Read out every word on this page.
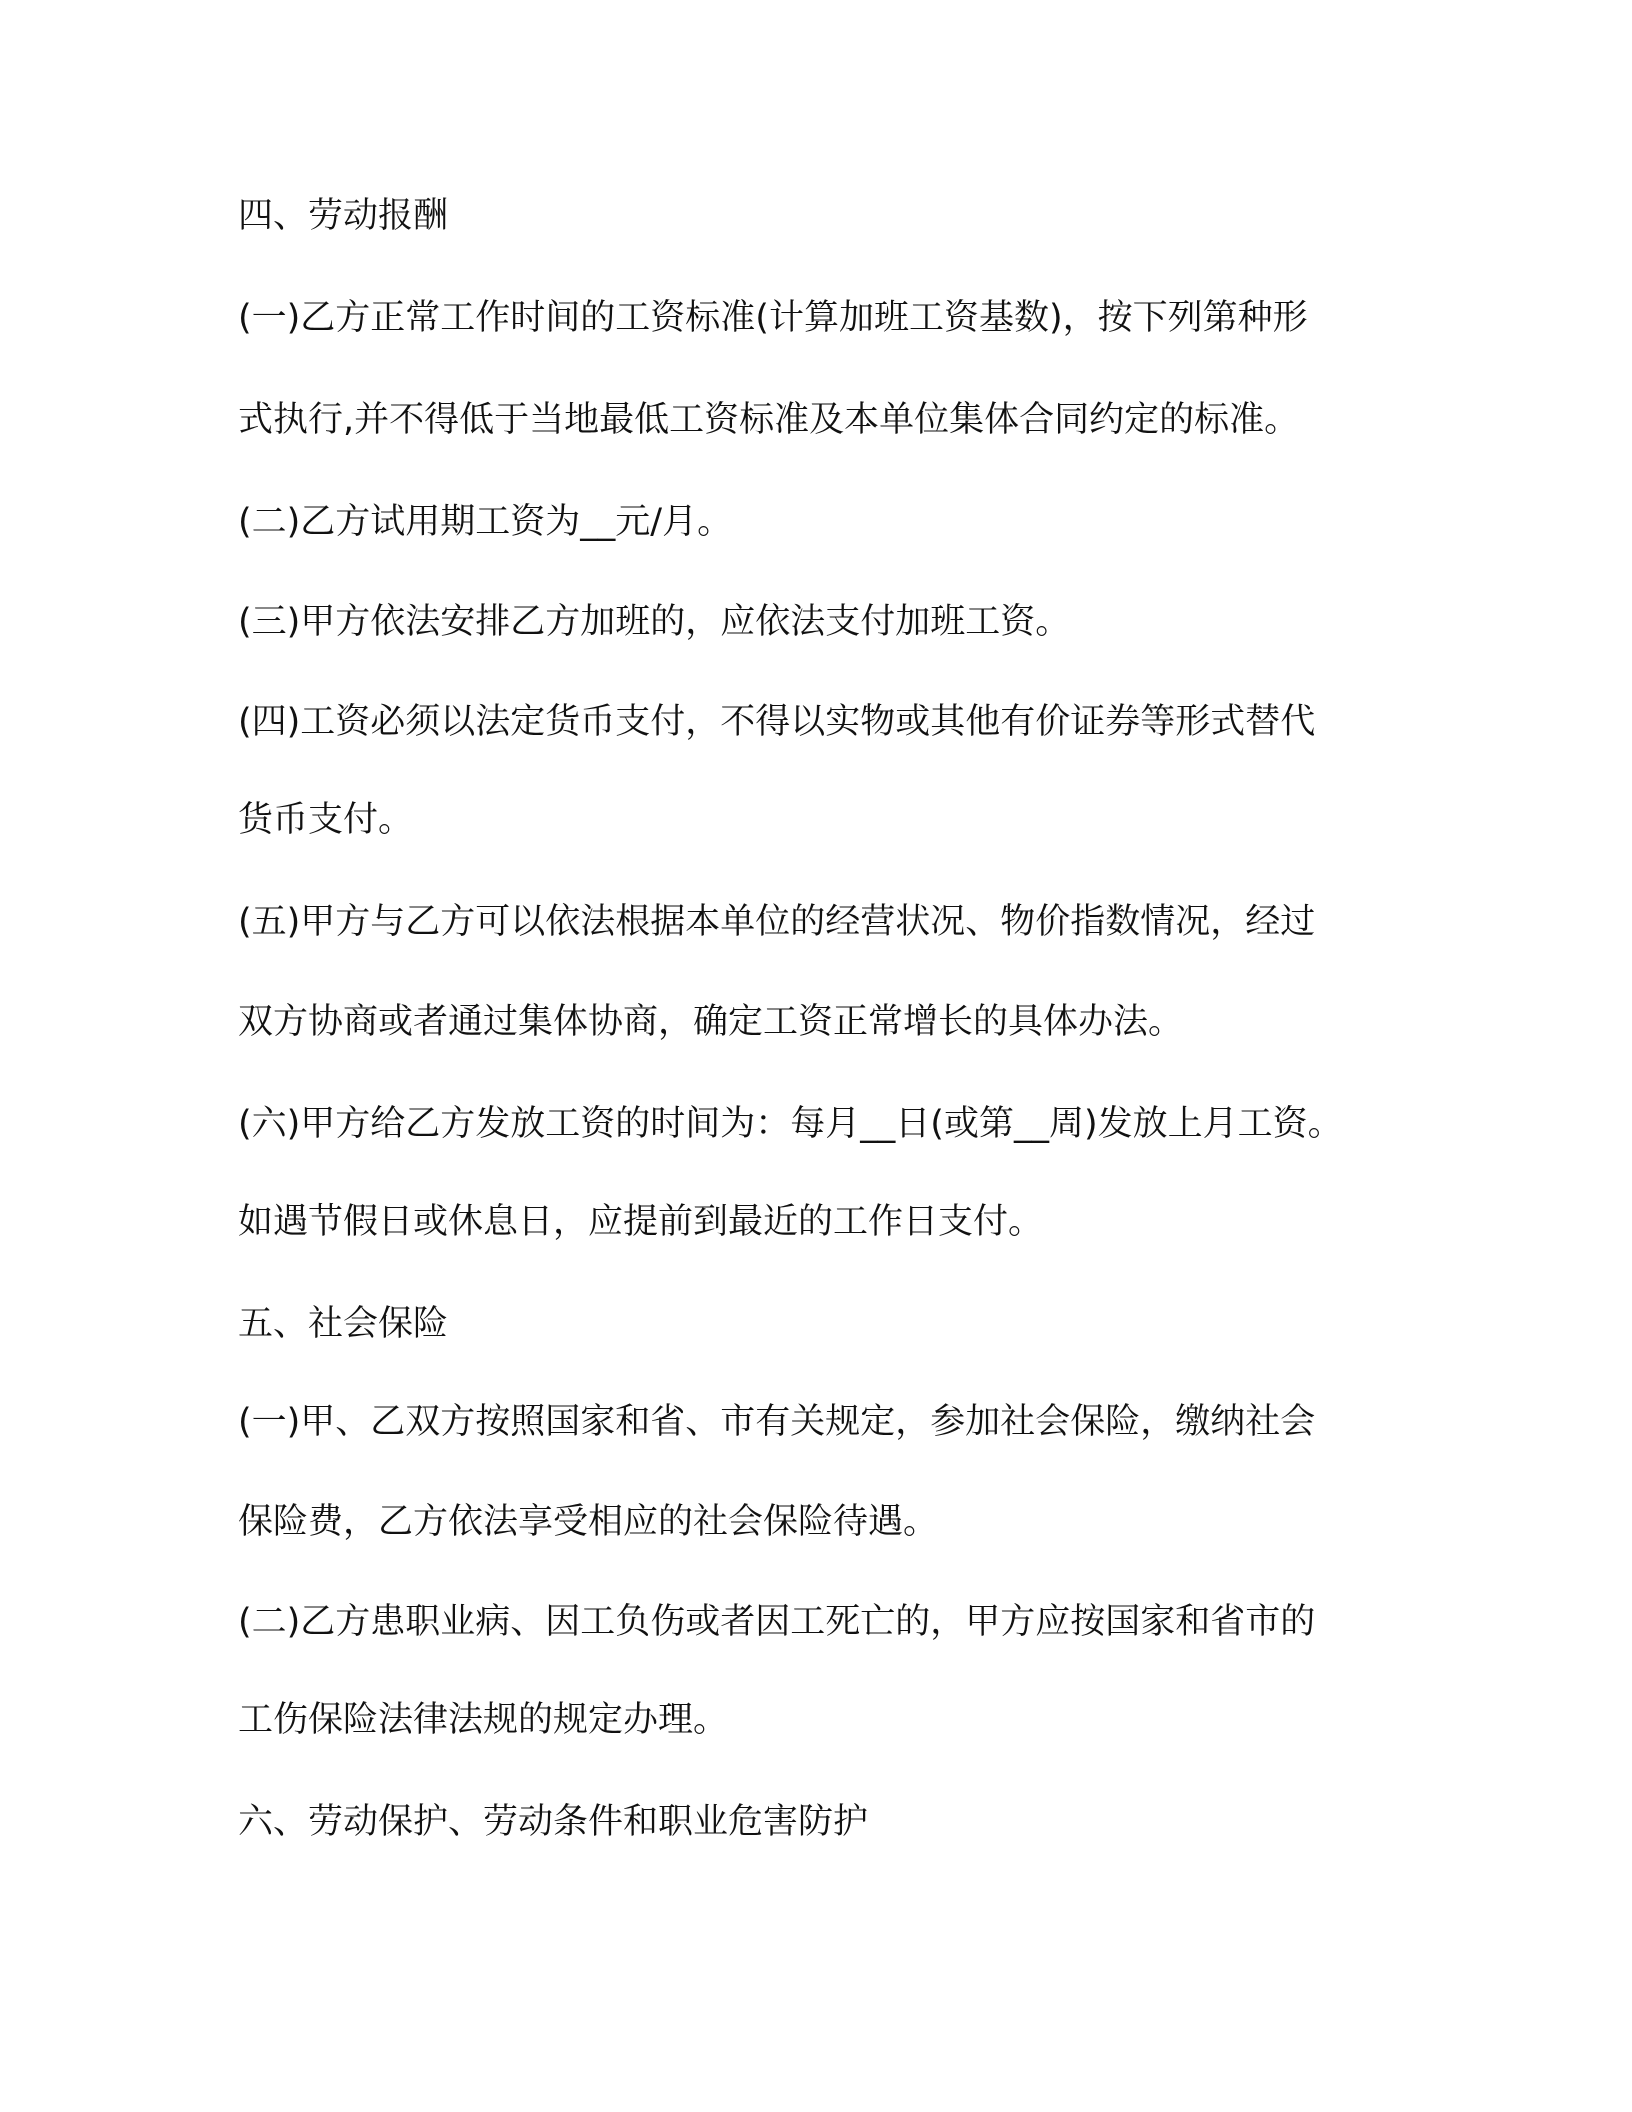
四、劳动报酬
(一)乙方正常工作时间的工资标准(计算加班工资基数)，按下列第种形
式执行,并不得低于当地最低工资标准及本单位集体合同约定的标准。
(二)乙方试用期工资为__元/月。
(三)甲方依法安排乙方加班的，应依法支付加班工资。
(四)工资必须以法定货币支付，不得以实物或其他有价证券等形式替代
货币支付。
(五)甲方与乙方可以依法根据本单位的经营状况、物价指数情况，经过
双方协商或者通过集体协商，确定工资正常增长的具体办法。
(六)甲方给乙方发放工资的时间为：每月__日(或第__周)发放上月工资。
如遇节假日或休息日，应提前到最近的工作日支付。
五、社会保险
(一)甲、乙双方按照国家和省、市有关规定，参加社会保险，缴纳社会
保险费，乙方依法享受相应的社会保险待遇。
(二)乙方患职业病、因工负伤或者因工死亡的，甲方应按国家和省市的
工伤保险法律法规的规定办理。
六、劳动保护、劳动条件和职业危害防护
